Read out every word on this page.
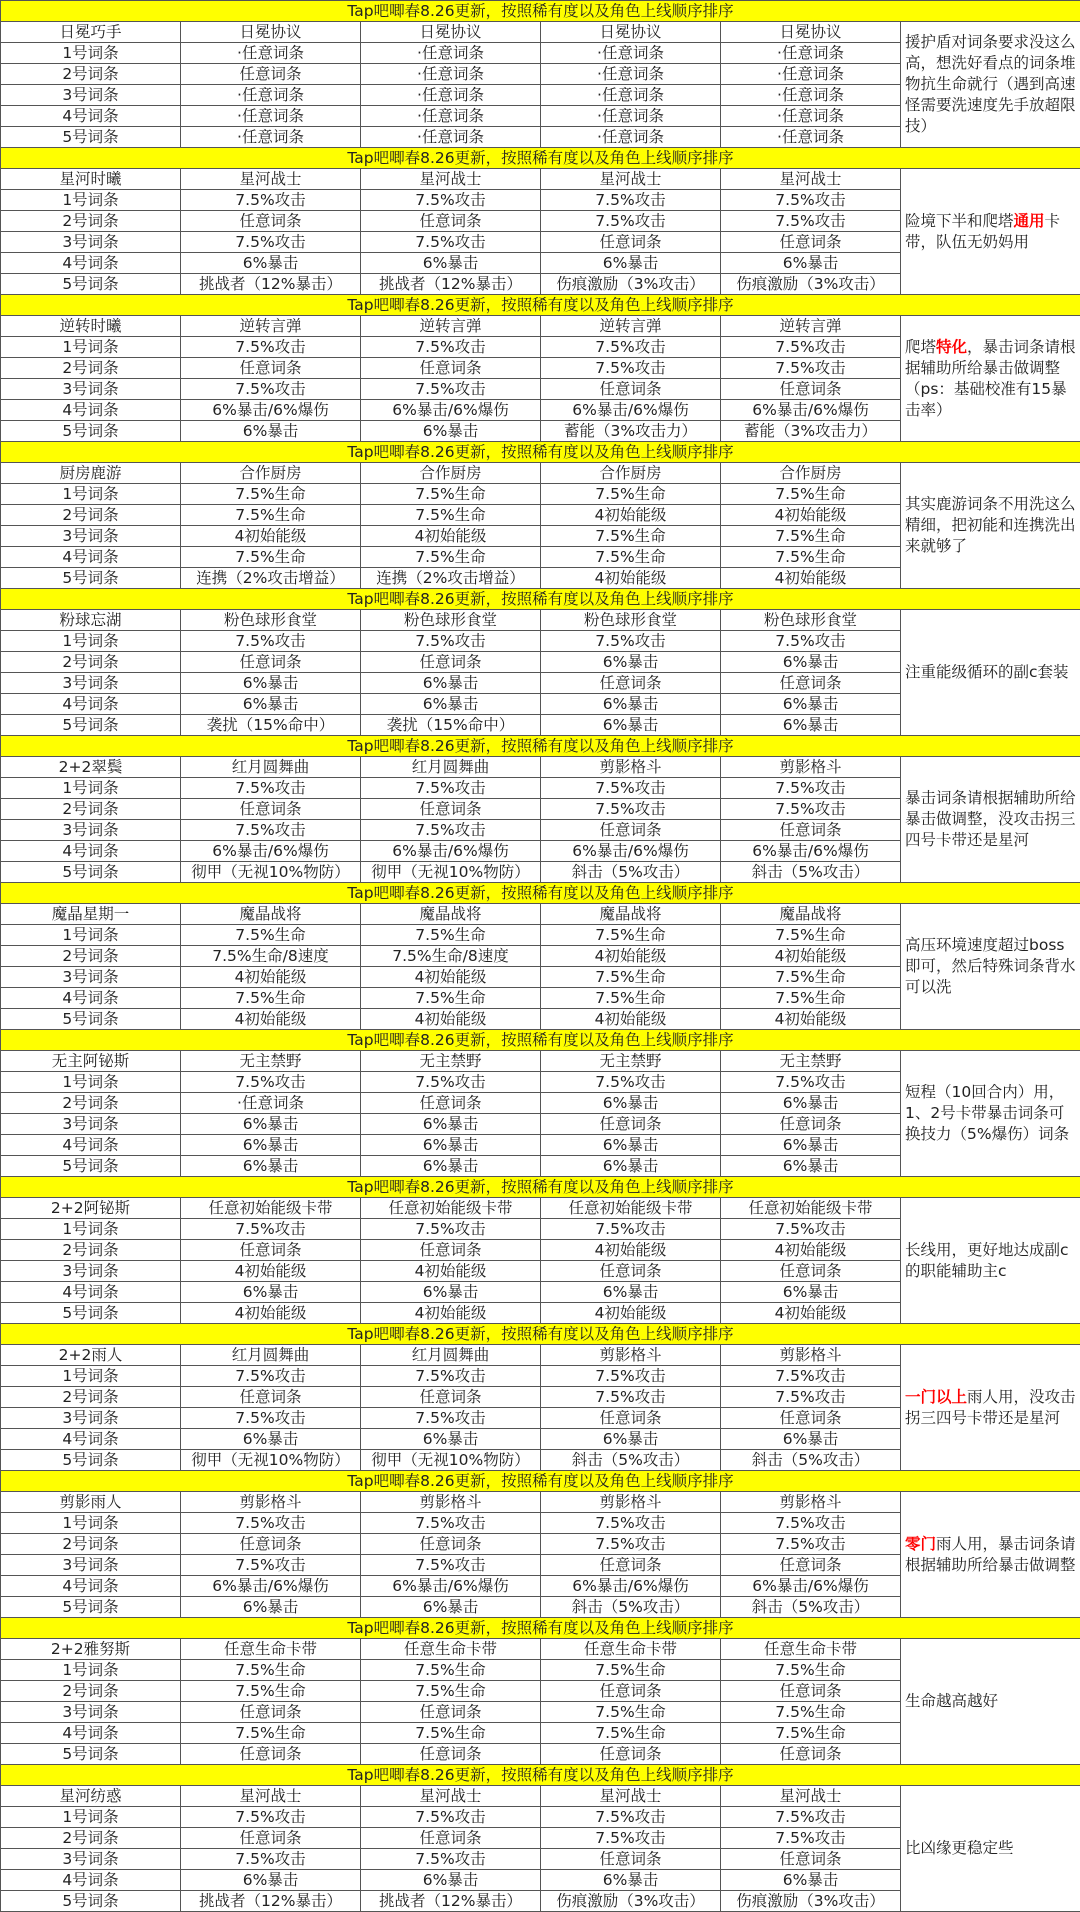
Tap吧唧春8.26更新，按照稀有度以及角色上线顺序排序					
日冕巧手	日冕协议	日冕协议	日冕协议	日冕协议	援护盾对词条要求没这么高，想洗好看点的词条堆物抗生命就行（遇到高速怪需要洗速度先手放超限技）
1号词条	·任意词条	·任意词条	·任意词条	·任意词条	
2号词条	任意词条	·任意词条	·任意词条	·任意词条	
3号词条	·任意词条	·任意词条	·任意词条	·任意词条	
4号词条	·任意词条	·任意词条	·任意词条	·任意词条	
5号词条	·任意词条	·任意词条	·任意词条	·任意词条	
Tap吧唧春8.26更新，按照稀有度以及角色上线顺序排序					
星河时曦	星河战士	星河战士	星河战士	星河战士	险境下半和爬塔通用卡带，队伍无奶妈用
1号词条	7.5%攻击	7.5%攻击	7.5%攻击	7.5%攻击	
2号词条	任意词条	任意词条	7.5%攻击	7.5%攻击	
3号词条	7.5%攻击	7.5%攻击	任意词条	任意词条	
4号词条	6%暴击	6%暴击	6%暴击	6%暴击	
5号词条	挑战者（12%暴击）	挑战者（12%暴击）	伤痕激励（3%攻击）	伤痕激励（3%攻击）	
Tap吧唧春8.26更新，按照稀有度以及角色上线顺序排序					
逆转时曦	逆转言弹	逆转言弹	逆转言弹	逆转言弹	爬塔特化，暴击词条请根据辅助所给暴击做调整（ps：基础校准有15暴击率）
1号词条	7.5%攻击	7.5%攻击	7.5%攻击	7.5%攻击	
2号词条	任意词条	任意词条	7.5%攻击	7.5%攻击	
3号词条	7.5%攻击	7.5%攻击	任意词条	任意词条	
4号词条	6%暴击/6%爆伤	6%暴击/6%爆伤	6%暴击/6%爆伤	6%暴击/6%爆伤	
5号词条	6%暴击	6%暴击	蓄能（3%攻击力）	蓄能（3%攻击力）	
Tap吧唧春8.26更新，按照稀有度以及角色上线顺序排序					
厨房鹿游	合作厨房	合作厨房	合作厨房	合作厨房	其实鹿游词条不用洗这么精细，把初能和连携洗出来就够了
1号词条	7.5%生命	7.5%生命	7.5%生命	7.5%生命	
2号词条	7.5%生命	7.5%生命	4初始能级	4初始能级	
3号词条	4初始能级	4初始能级	7.5%生命	7.5%生命	
4号词条	7.5%生命	7.5%生命	7.5%生命	7.5%生命	
5号词条	连携（2%攻击增益）	连携（2%攻击增益）	4初始能级	4初始能级	
Tap吧唧春8.26更新，按照稀有度以及角色上线顺序排序					
粉球忘湖	粉色球形食堂	粉色球形食堂	粉色球形食堂	粉色球形食堂	注重能级循环的副c套装
1号词条	7.5%攻击	7.5%攻击	7.5%攻击	7.5%攻击	
2号词条	任意词条	任意词条	6%暴击	6%暴击	
3号词条	6%暴击	6%暴击	任意词条	任意词条	
4号词条	6%暴击	6%暴击	6%暴击	6%暴击	
5号词条	袭扰（15%命中）	袭扰（15%命中）	6%暴击	6%暴击	
Tap吧唧春8.26更新，按照稀有度以及角色上线顺序排序					
2+2翠鬓	红月圆舞曲	红月圆舞曲	剪影格斗	剪影格斗	暴击词条请根据辅助所给暴击做调整，没攻击拐三四号卡带还是星河
1号词条	7.5%攻击	7.5%攻击	7.5%攻击	7.5%攻击	
2号词条	任意词条	任意词条	7.5%攻击	7.5%攻击	
3号词条	7.5%攻击	7.5%攻击	任意词条	任意词条	
4号词条	6%暴击/6%爆伤	6%暴击/6%爆伤	6%暴击/6%爆伤	6%暴击/6%爆伤	
5号词条	彻甲（无视10%物防）	彻甲（无视10%物防）	斜击（5%攻击）	斜击（5%攻击）	
Tap吧唧春8.26更新，按照稀有度以及角色上线顺序排序					
魔晶星期一	魔晶战将	魔晶战将	魔晶战将	魔晶战将	高压环境速度超过boss即可，然后特殊词条背水可以洗
1号词条	7.5%生命	7.5%生命	7.5%生命	7.5%生命	
2号词条	7.5%生命/8速度	7.5%生命/8速度	4初始能级	4初始能级	
3号词条	4初始能级	4初始能级	7.5%生命	7.5%生命	
4号词条	7.5%生命	7.5%生命	7.5%生命	7.5%生命	
5号词条	4初始能级	4初始能级	4初始能级	4初始能级	
Tap吧唧春8.26更新，按照稀有度以及角色上线顺序排序					
无主阿铋斯	无主禁野	无主禁野	无主禁野	无主禁野	短程（10回合内）用，1、2号卡带暴击词条可换技力（5%爆伤）词条
1号词条	7.5%攻击	7.5%攻击	7.5%攻击	7.5%攻击	
2号词条	·任意词条	任意词条	6%暴击	6%暴击	
3号词条	6%暴击	6%暴击	任意词条	任意词条	
4号词条	6%暴击	6%暴击	6%暴击	6%暴击	
5号词条	6%暴击	6%暴击	6%暴击	6%暴击	
Tap吧唧春8.26更新，按照稀有度以及角色上线顺序排序					
2+2阿铋斯	任意初始能级卡带	任意初始能级卡带	任意初始能级卡带	任意初始能级卡带	长线用，更好地达成副c的职能辅助主c
1号词条	7.5%攻击	7.5%攻击	7.5%攻击	7.5%攻击	
2号词条	任意词条	任意词条	4初始能级	4初始能级	
3号词条	4初始能级	4初始能级	任意词条	任意词条	
4号词条	6%暴击	6%暴击	6%暴击	6%暴击	
5号词条	4初始能级	4初始能级	4初始能级	4初始能级	
Tap吧唧春8.26更新，按照稀有度以及角色上线顺序排序					
2+2雨人	红月圆舞曲	红月圆舞曲	剪影格斗	剪影格斗	一门以上雨人用，没攻击拐三四号卡带还是星河
1号词条	7.5%攻击	7.5%攻击	7.5%攻击	7.5%攻击	
2号词条	任意词条	任意词条	7.5%攻击	7.5%攻击	
3号词条	7.5%攻击	7.5%攻击	任意词条	任意词条	
4号词条	6%暴击	6%暴击	6%暴击	6%暴击	
5号词条	彻甲（无视10%物防）	彻甲（无视10%物防）	斜击（5%攻击）	斜击（5%攻击）	
Tap吧唧春8.26更新，按照稀有度以及角色上线顺序排序					
剪影雨人	剪影格斗	剪影格斗	剪影格斗	剪影格斗	零门雨人用，暴击词条请根据辅助所给暴击做调整
1号词条	7.5%攻击	7.5%攻击	7.5%攻击	7.5%攻击	
2号词条	任意词条	任意词条	7.5%攻击	7.5%攻击	
3号词条	7.5%攻击	7.5%攻击	任意词条	任意词条	
4号词条	6%暴击/6%爆伤	6%暴击/6%爆伤	6%暴击/6%爆伤	6%暴击/6%爆伤	
5号词条	6%暴击	6%暴击	斜击（5%攻击）	斜击（5%攻击）	
Tap吧唧春8.26更新，按照稀有度以及角色上线顺序排序					
2+2雅努斯	任意生命卡带	任意生命卡带	任意生命卡带	任意生命卡带	生命越高越好
1号词条	7.5%生命	7.5%生命	7.5%生命	7.5%生命	
2号词条	7.5%生命	7.5%生命	任意词条	任意词条	
3号词条	任意词条	任意词条	7.5%生命	7.5%生命	
4号词条	7.5%生命	7.5%生命	7.5%生命	7.5%生命	
5号词条	任意词条	任意词条	任意词条	任意词条	
Tap吧唧春8.26更新，按照稀有度以及角色上线顺序排序					
星河纺惑	星河战士	星河战士	星河战士	星河战士	比凶缘更稳定些
1号词条	7.5%攻击	7.5%攻击	7.5%攻击	7.5%攻击	
2号词条	任意词条	任意词条	7.5%攻击	7.5%攻击	
3号词条	7.5%攻击	7.5%攻击	任意词条	任意词条	
4号词条	6%暴击	6%暴击	6%暴击	6%暴击	
5号词条	挑战者（12%暴击）	挑战者（12%暴击）	伤痕激励（3%攻击）	伤痕激励（3%攻击）	
